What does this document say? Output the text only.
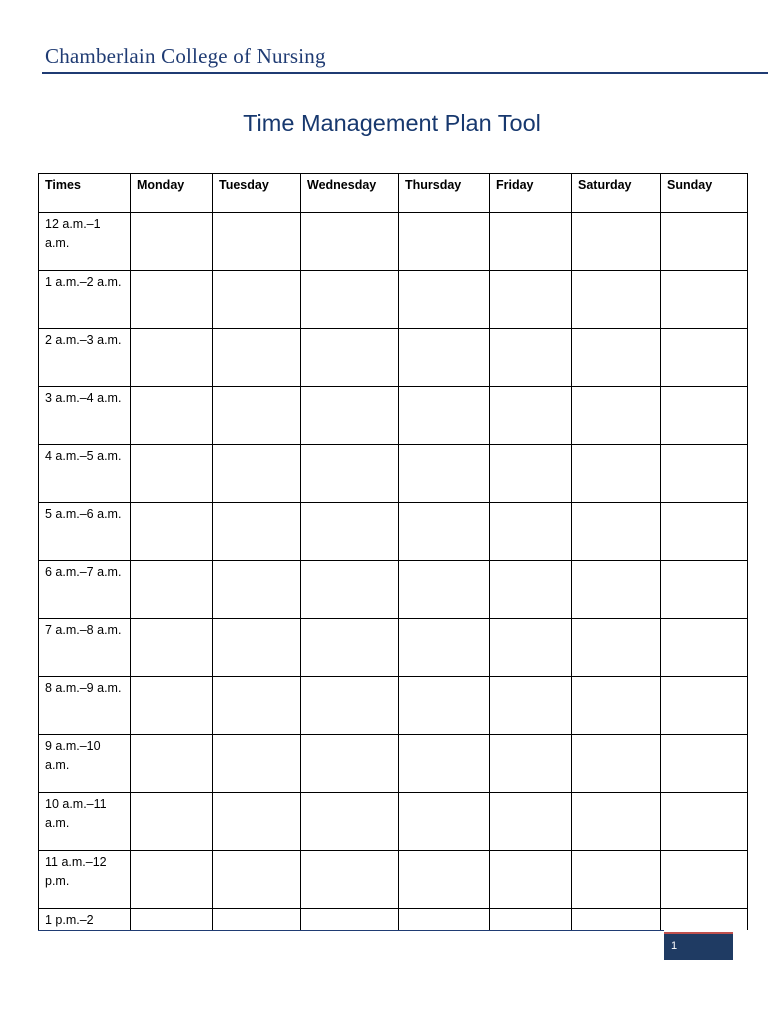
Chamberlain College of Nursing
Time Management Plan Tool
Times	Monday	Tuesday	Wednesday	Thursday	Friday	Saturday	Sunday
12 a.m.–1 a.m.							
1 a.m.–2 a.m.							
2 a.m.–3 a.m.							
3 a.m.–4 a.m.							
4 a.m.–5 a.m.							
5 a.m.–6 a.m.							
6 a.m.–7 a.m.							
7 a.m.–8 a.m.							
8 a.m.–9 a.m.							
9 a.m.–10 a.m.							
10 a.m.–11 a.m.							
11 a.m.–12 p.m.							
1 p.m.–2							
1
